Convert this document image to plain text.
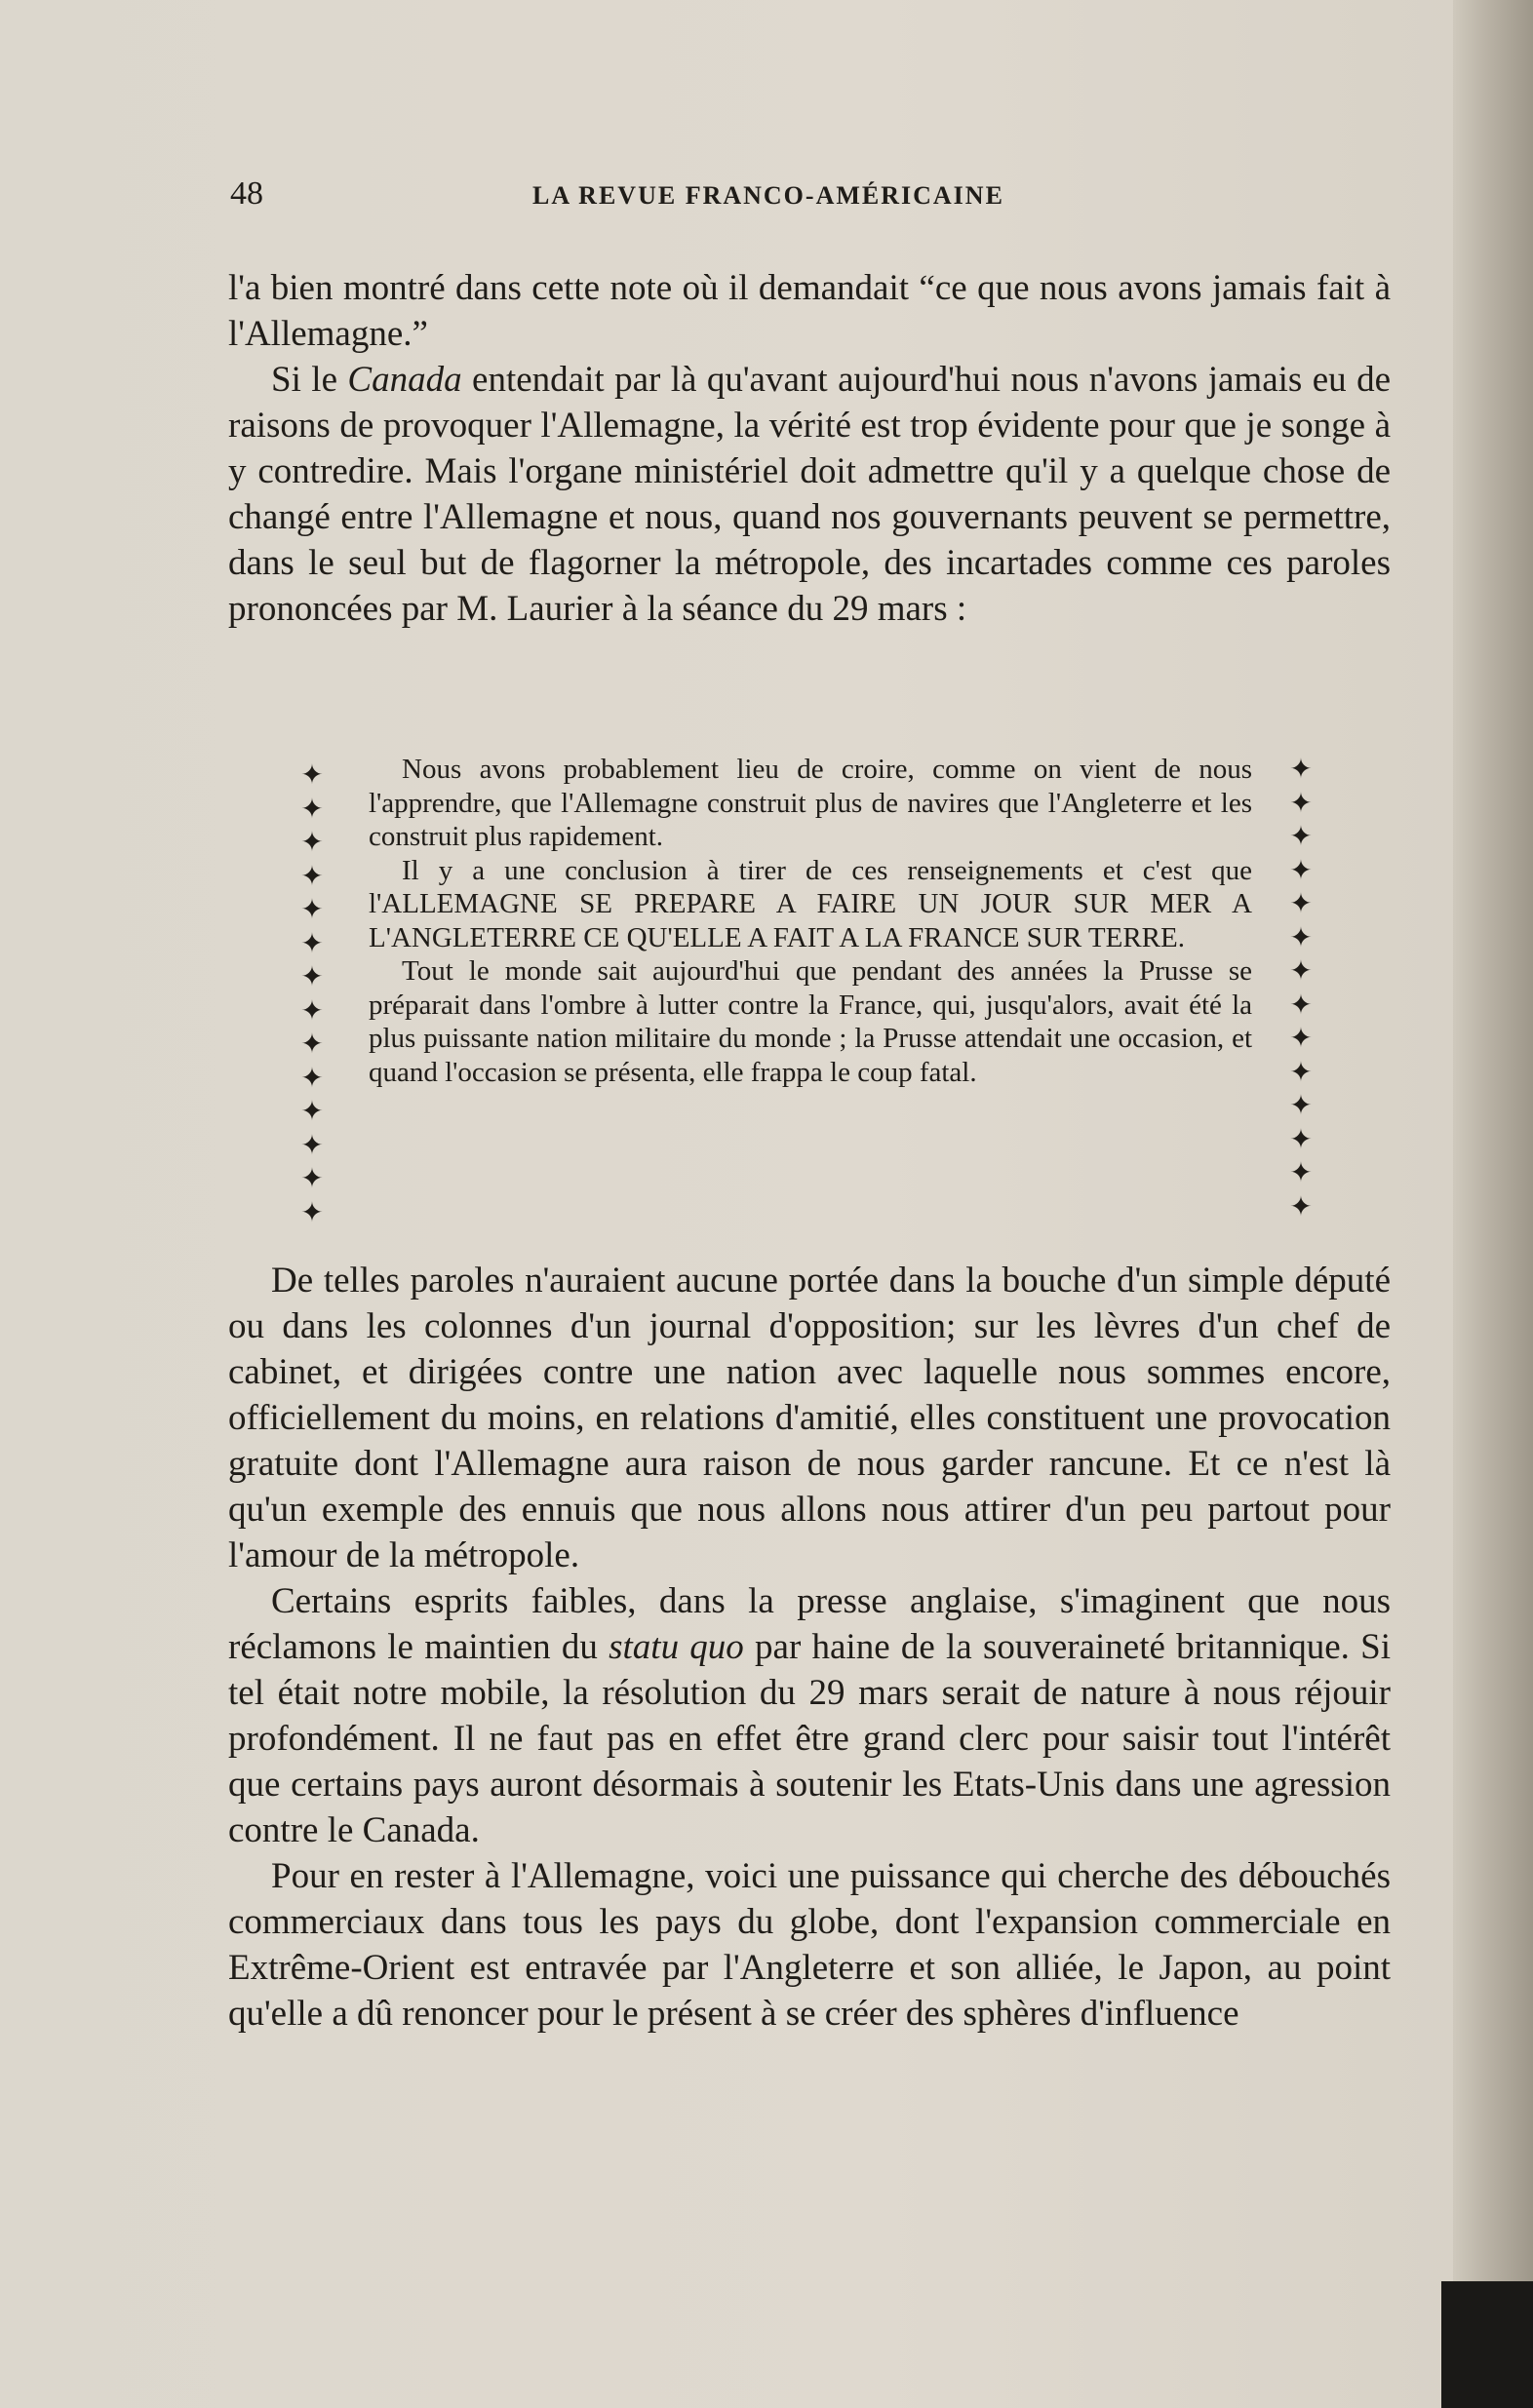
48	LA REVUE FRANCO-AMÉRICAINE

l'a bien montré dans cette note où il demandait “ce que nous avons jamais fait à l'Allemagne.”

Si le Canada entendait par là qu'avant aujourd'hui nous n'avons jamais eu de raisons de provoquer l'Allemagne, la vérité est trop évidente pour que je songe à y contredire. Mais l'organe ministériel doit admettre qu'il y a quelque chose de changé entre l'Allemagne et nous, quand nos gouvernants peuvent se permettre, dans le seul but de flagorner la métropole, des incartades comme ces paroles prononcées par M. Laurier à la séance du 29 mars :

✦
✦
✦
✦
✦
✦
✦
✦
✦
✦
✦
✦
✦
✦

Nous avons probablement lieu de croire, comme on vient de nous l'apprendre, que l'Allemagne construit plus de navires que l'Angleterre et les construit plus rapidement.

Il y a une conclusion à tirer de ces renseignements et c'est que l'ALLEMAGNE SE PREPARE A FAIRE UN JOUR SUR MER A L'ANGLETERRE CE QU'ELLE A FAIT A LA FRANCE SUR TERRE.

Tout le monde sait aujourd'hui que pendant des années la Prusse se préparait dans l'ombre à lutter contre la France, qui, jusqu'alors, avait été la plus puissante nation militaire du monde ; la Prusse attendait une occasion, et quand l'occasion se présenta, elle frappa le coup fatal.

✦
✦
✦
✦
✦
✦
✦
✦
✦
✦
✦
✦
✦
✦

De telles paroles n'auraient aucune portée dans la bouche d'un simple député ou dans les colonnes d'un journal d'opposition; sur les lèvres d'un chef de cabinet, et dirigées contre une nation avec laquelle nous sommes encore, officiellement du moins, en relations d'amitié, elles constituent une provocation gratuite dont l'Allemagne aura raison de nous garder rancune. Et ce n'est là qu'un exemple des ennuis que nous allons nous attirer d'un peu partout pour l'amour de la métropole.

Certains esprits faibles, dans la presse anglaise, s'imaginent que nous réclamons le maintien du statu quo par haine de la souveraineté britannique. Si tel était notre mobile, la résolution du 29 mars serait de nature à nous réjouir profondément. Il ne faut pas en effet être grand clerc pour saisir tout l'intérêt que certains pays auront désormais à soutenir les Etats-Unis dans une agression contre le Canada.

Pour en rester à l'Allemagne, voici une puissance qui cherche des débouchés commerciaux dans tous les pays du globe, dont l'expansion commerciale en Extrême-Orient est entravée par l'Angleterre et son alliée, le Japon, au point qu'elle a dû renoncer pour le présent à se créer des sphères d'influence
